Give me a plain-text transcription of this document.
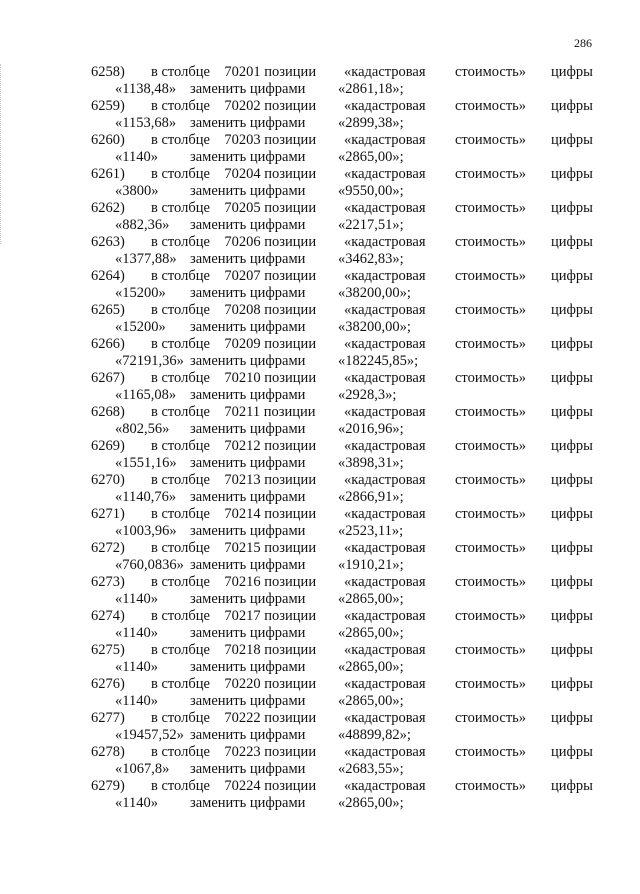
286
6258) в столбце 70201 позиции «кадастровая стоимость» цифры
«1138,48» заменить цифрами «2861,18»;
6259) в столбце 70202 позиции «кадастровая стоимость» цифры
«1153,68» заменить цифрами «2899,38»;
6260) в столбце 70203 позиции «кадастровая стоимость» цифры
«1140» заменить цифрами «2865,00»;
6261) в столбце 70204 позиции «кадастровая стоимость» цифры
«3800» заменить цифрами «9550,00»;
6262) в столбце 70205 позиции «кадастровая стоимость» цифры
«882,36» заменить цифрами «2217,51»;
6263) в столбце 70206 позиции «кадастровая стоимость» цифры
«1377,88» заменить цифрами «3462,83»;
6264) в столбце 70207 позиции «кадастровая стоимость» цифры
«15200» заменить цифрами «38200,00»;
6265) в столбце 70208 позиции «кадастровая стоимость» цифры
«15200» заменить цифрами «38200,00»;
6266) в столбце 70209 позиции «кадастровая стоимость» цифры
«72191,36» заменить цифрами «182245,85»;
6267) в столбце 70210 позиции «кадастровая стоимость» цифры
«1165,08» заменить цифрами «2928,3»;
6268) в столбце 70211 позиции «кадастровая стоимость» цифры
«802,56» заменить цифрами «2016,96»;
6269) в столбце 70212 позиции «кадастровая стоимость» цифры
«1551,16» заменить цифрами «3898,31»;
6270) в столбце 70213 позиции «кадастровая стоимость» цифры
«1140,76» заменить цифрами «2866,91»;
6271) в столбце 70214 позиции «кадастровая стоимость» цифры
«1003,96» заменить цифрами «2523,11»;
6272) в столбце 70215 позиции «кадастровая стоимость» цифры
«760,0836» заменить цифрами «1910,21»;
6273) в столбце 70216 позиции «кадастровая стоимость» цифры
«1140» заменить цифрами «2865,00»;
6274) в столбце 70217 позиции «кадастровая стоимость» цифры
«1140» заменить цифрами «2865,00»;
6275) в столбце 70218 позиции «кадастровая стоимость» цифры
«1140» заменить цифрами «2865,00»;
6276) в столбце 70220 позиции «кадастровая стоимость» цифры
«1140» заменить цифрами «2865,00»;
6277) в столбце 70222 позиции «кадастровая стоимость» цифры
«19457,52» заменить цифрами «48899,82»;
6278) в столбце 70223 позиции «кадастровая стоимость» цифры
«1067,8» заменить цифрами «2683,55»;
6279) в столбце 70224 позиции «кадастровая стоимость» цифры
«1140» заменить цифрами «2865,00»;
